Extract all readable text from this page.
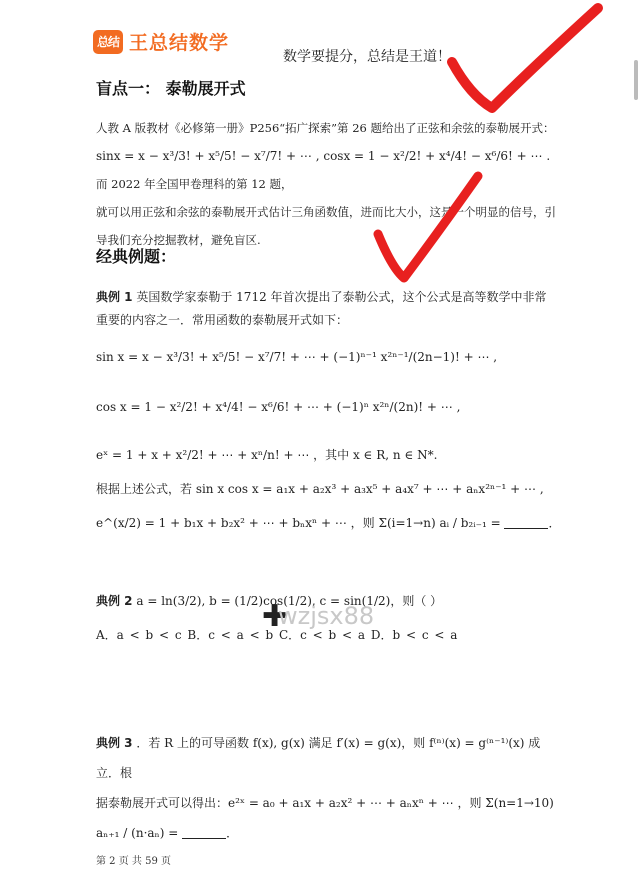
总结 王总结数学
数学要提分，总结是王道！
盲点一： 泰勒展开式
人教 A 版教材《必修第一册》P256“拓广探索”第 26 题给出了正弦和余弦的泰勒展开式：
sinx = x − x³/3! + x⁵/5! − x⁷/7! + ⋯ , cosx = 1 − x²/2! + x⁴/4! − x⁶/6! + ⋯ . 而 2022 年全国甲卷理科的第 12 题，
就可以用正弦和余弦的泰勒展开式估计三角函数值，进而比大小，这是一个明显的信号，引
导我们充分挖掘教材，避免盲区.
经典例题：
典例 1 英国数学家泰勒于 1712 年首次提出了泰勒公式，这个公式是高等数学中非常重要的内容之一．常用函数的泰勒展开式如下：
sin x = x − x³/3! + x⁵/5! − x⁷/7! + ⋯ + (−1)ⁿ⁻¹ x²ⁿ⁻¹/(2n−1)! + ⋯ ,
cos x = 1 − x²/2! + x⁴/4! − x⁶/6! + ⋯ + (−1)ⁿ x²ⁿ/(2n)! + ⋯ ,
eˣ = 1 + x + x²/2! + ⋯ + xⁿ/n! + ⋯ ，其中 x ∈ R, n ∈ N*.
根据上述公式，若 sin x cos x = a₁x + a₂x³ + a₃x⁵ + a₄x⁷ + ⋯ + aₙx²ⁿ⁻¹ + ⋯ ,
e^(x/2) = 1 + b₁x + b₂x² + ⋯ + bₙxⁿ + ⋯ ，则 Σ(i=1→n) aᵢ / b₂ᵢ₋₁ =	．
典例 2 a = ln(3/2), b = (1/2)cos(1/2), c = sin(1/2)，则（ ）
A．a < b < c B．c < a < b C．c < b < a D．b < c < a
✚
wzjsx88
典例 3 ．若 R 上的可导函数 f(x), g(x) 满足 f′(x) = g(x)，则 f⁽ⁿ⁾(x) = g⁽ⁿ⁻¹⁾(x) 成立．根
据泰勒展开式可以得出：e²ˣ = a₀ + a₁x + a₂x² + ⋯ + aₙxⁿ + ⋯ ，则 Σ(n=1→10) aₙ₊₁ / (n·aₙ) =	．
第 2 页 共 59 页
